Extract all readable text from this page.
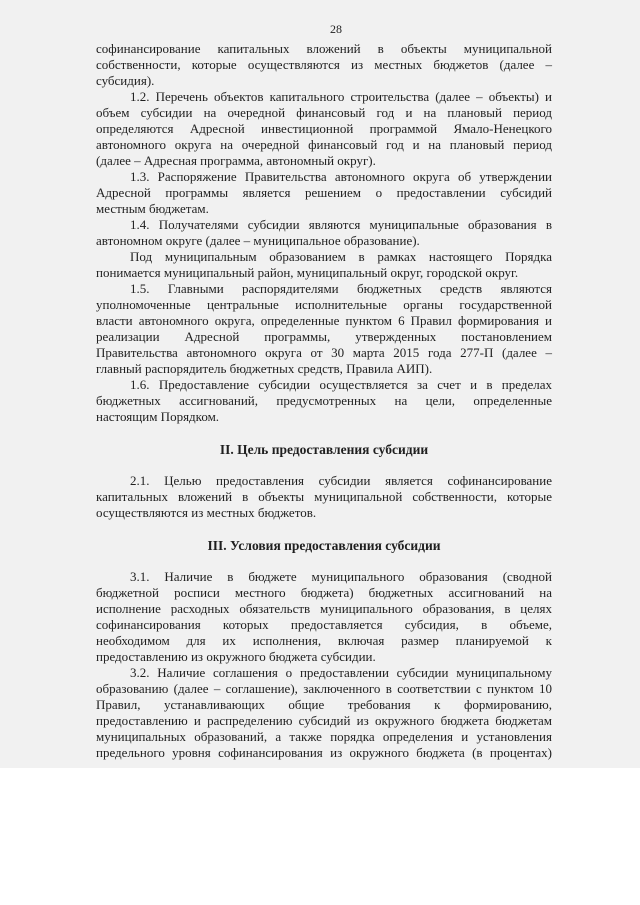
28
софинансирование капитальных вложений в объекты муниципальной
собственности, которые осуществляются из местных бюджетов (далее –
субсидия).
1.2. Перечень объектов капитального строительства (далее – объекты) и
объем субсидии на очередной финансовый год и на плановый период
определяются Адресной инвестиционной программой Ямало-Ненецкого
автономного округа на очередной финансовый год и на плановый период
(далее – Адресная программа, автономный округ).
1.3. Распоряжение Правительства автономного округа об утверждении
Адресной программы является решением о предоставлении субсидий
местным бюджетам.
1.4. Получателями субсидии являются муниципальные образования в
автономном округе (далее – муниципальное образование).
Под муниципальным образованием в рамках настоящего Порядка
понимается муниципальный район, муниципальный округ, городской округ.
1.5. Главными распорядителями бюджетных средств являются
уполномоченные центральные исполнительные органы государственной
власти автономного округа, определенные пунктом 6 Правил формирования и
реализации Адресной программы, утвержденных постановлением
Правительства автономного округа от 30 марта 2015 года 277-П (далее –
главный распорядитель бюджетных средств, Правила АИП).
1.6. Предоставление субсидии осуществляется за счет и в пределах
бюджетных ассигнований, предусмотренных на цели, определенные
настоящим Порядком.
II. Цель предоставления субсидии
2.1. Целью предоставления субсидии является софинансирование
капитальных вложений в объекты муниципальной собственности, которые
осуществляются из местных бюджетов.
III. Условия предоставления субсидии
3.1. Наличие в бюджете муниципального образования (сводной
бюджетной росписи местного бюджета) бюджетных ассигнований на
исполнение расходных обязательств муниципального образования, в целях
софинансирования которых предоставляется субсидия, в объеме,
необходимом для их исполнения, включая размер планируемой к
предоставлению из окружного бюджета субсидии.
3.2. Наличие соглашения о предоставлении субсидии муниципальному
образованию (далее – соглашение), заключенного в соответствии с пунктом 10
Правил, устанавливающих общие требования к формированию,
предоставлению и распределению субсидий из окружного бюджета бюджетам
муниципальных образований, а также порядка определения и установления
предельного уровня софинансирования из окружного бюджета (в процентах)
